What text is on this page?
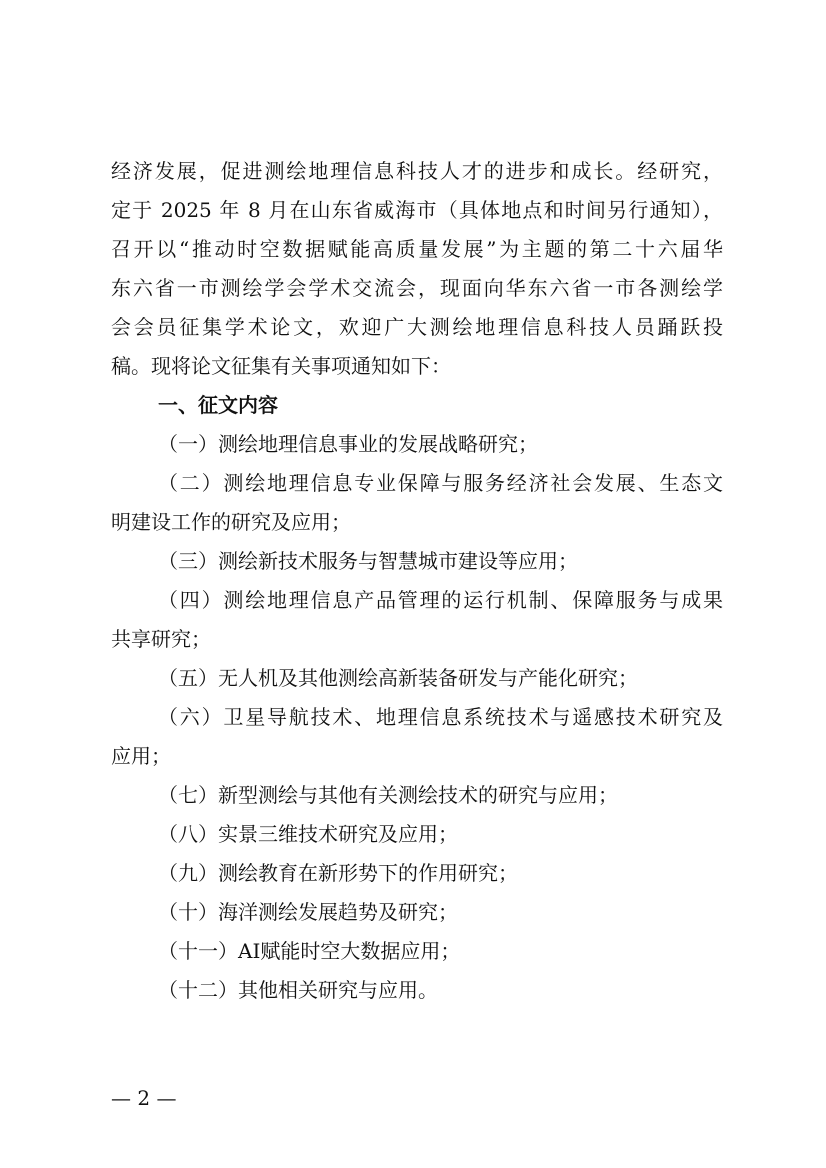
经济发展，促进测绘地理信息科技人才的进步和成长。经研究，
定于 2025 年 8 月在山东省威海市（具体地点和时间另行通知），
召开以“推动时空数据赋能高质量发展”为主题的第二十六届华
东六省一市测绘学会学术交流会，现面向华东六省一市各测绘学
会会员征集学术论文，欢迎广大测绘地理信息科技人员踊跃投
稿。现将论文征集有关事项通知如下：
一、征文内容
（一）测绘地理信息事业的发展战略研究；
（二）测绘地理信息专业保障与服务经济社会发展、生态文
明建设工作的研究及应用；
（三）测绘新技术服务与智慧城市建设等应用；
（四）测绘地理信息产品管理的运行机制、保障服务与成果
共享研究；
（五）无人机及其他测绘高新装备研发与产能化研究；
（六）卫星导航技术、地理信息系统技术与遥感技术研究及
应用；
（七）新型测绘与其他有关测绘技术的研究与应用；
（八）实景三维技术研究及应用；
（九）测绘教育在新形势下的作用研究；
（十）海洋测绘发展趋势及研究；
（十一）AI赋能时空大数据应用；
（十二）其他相关研究与应用。
— 2 —
